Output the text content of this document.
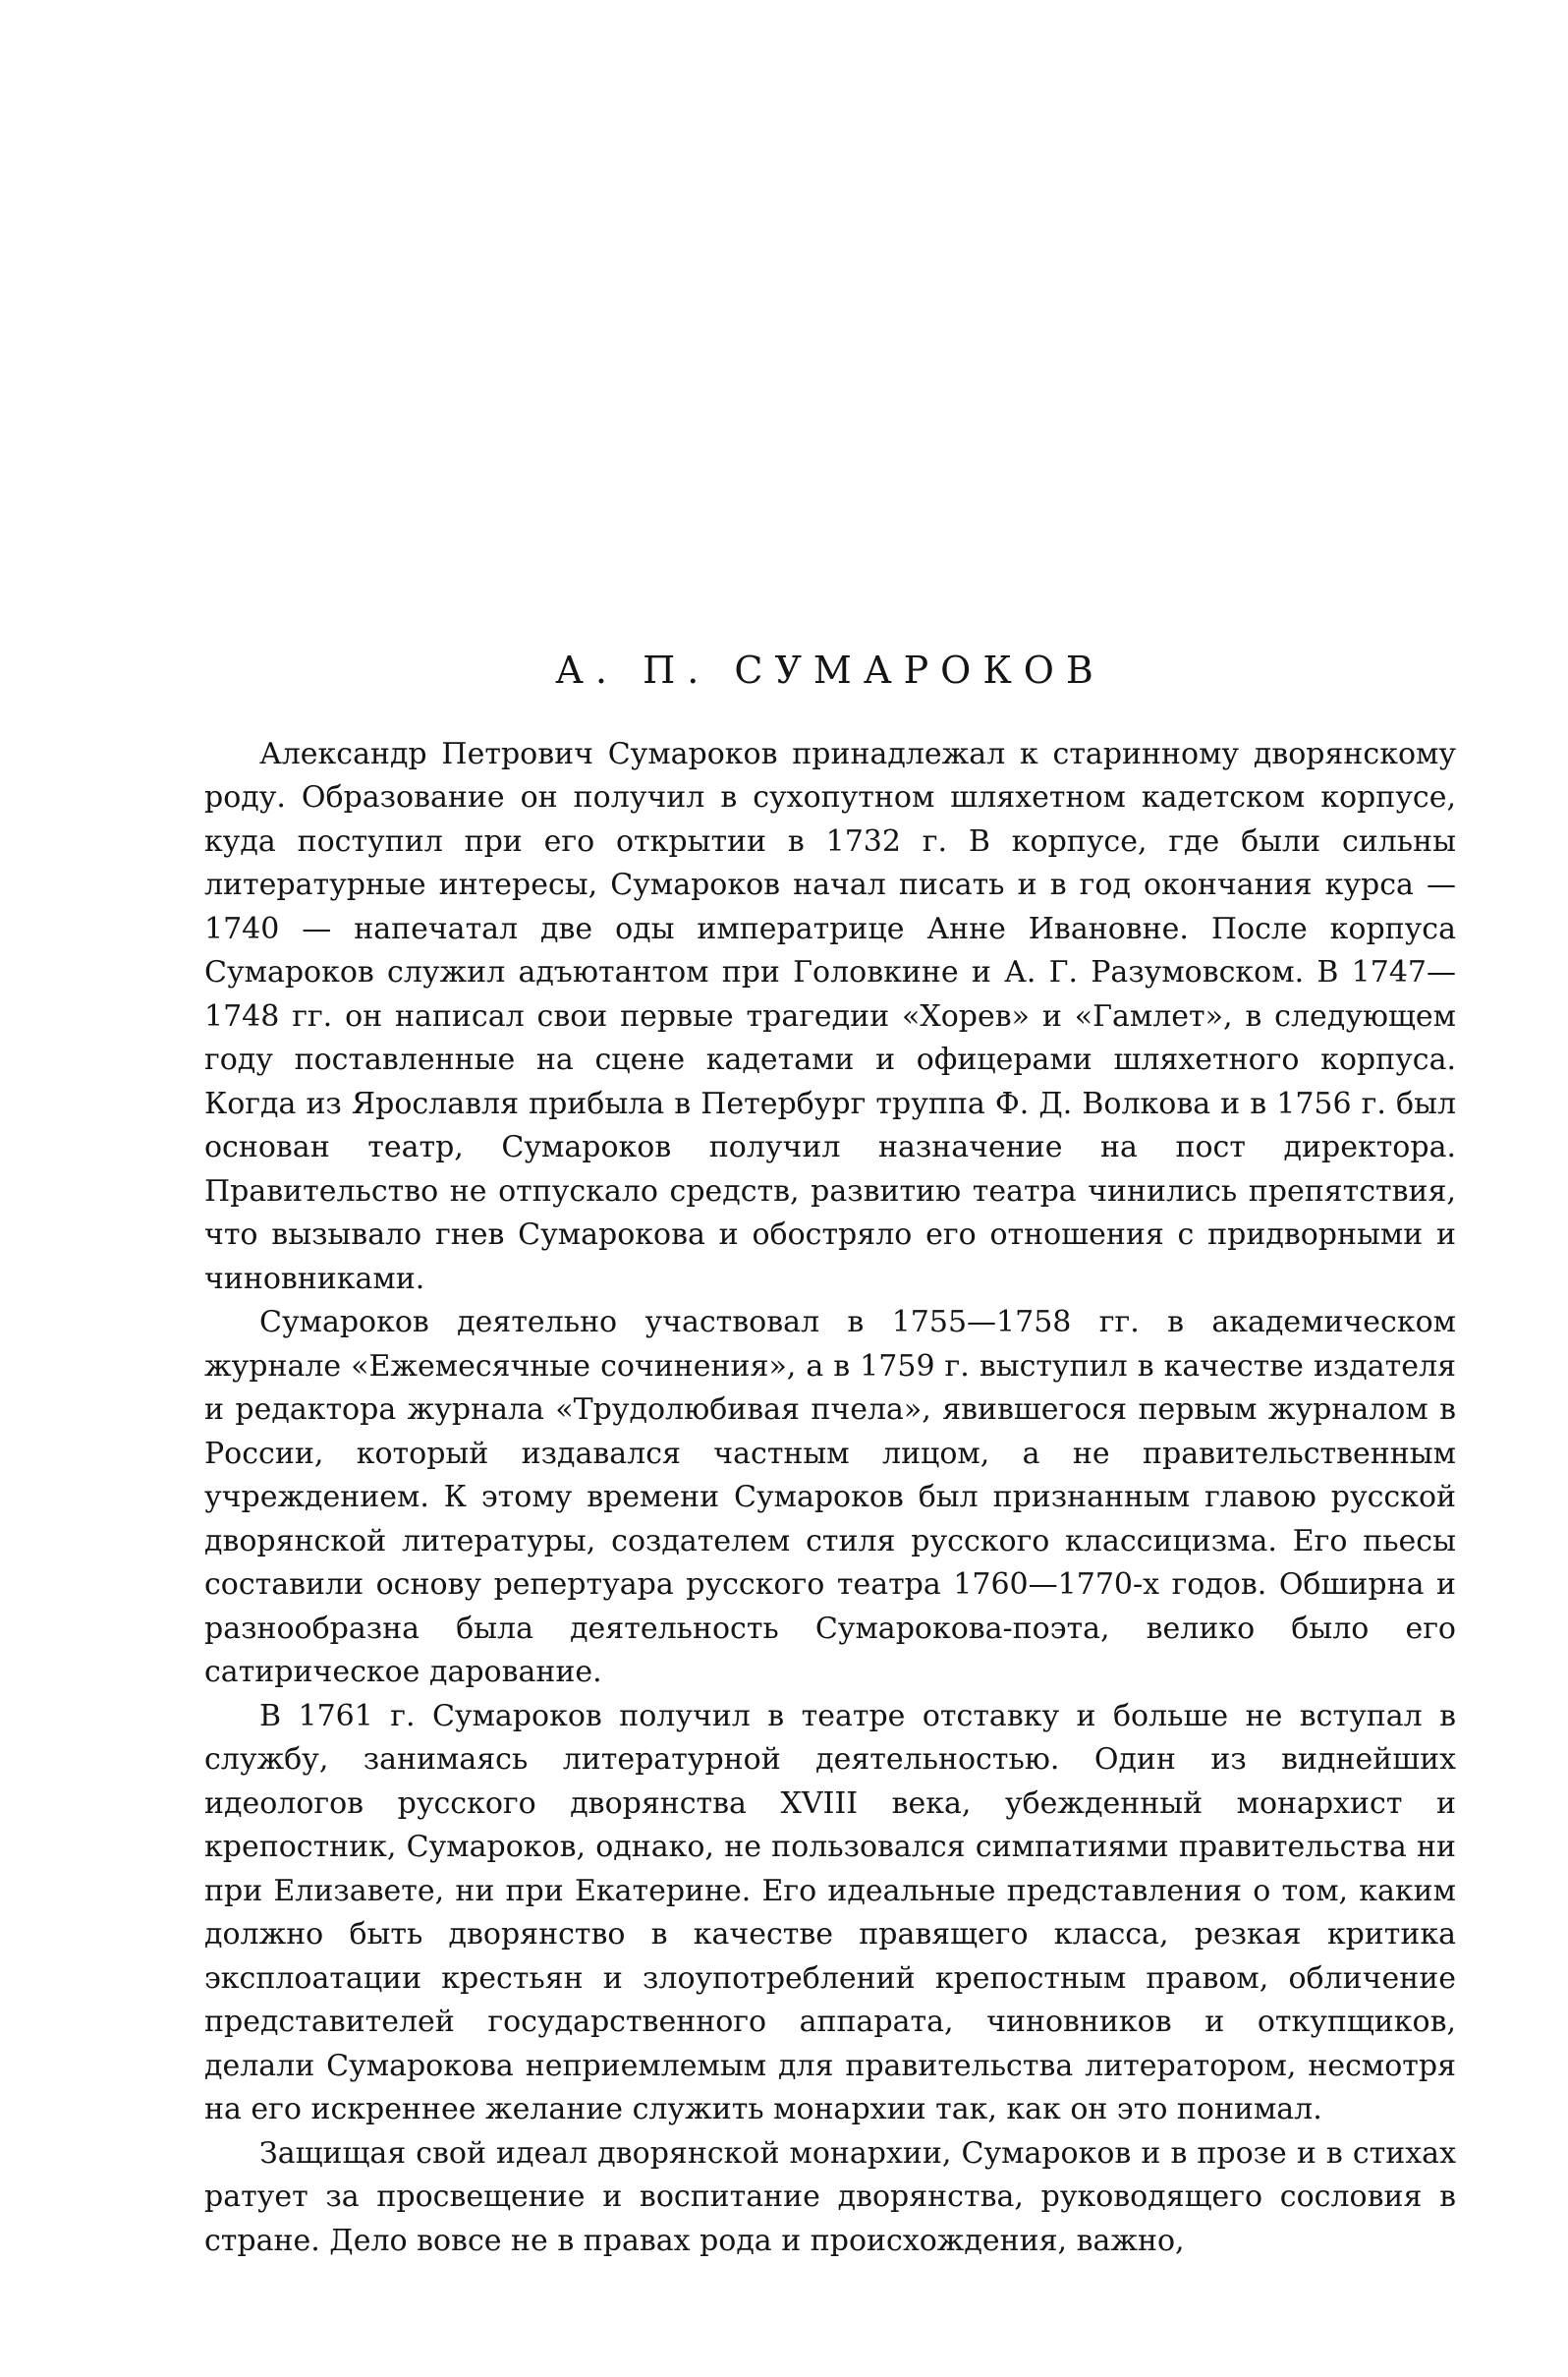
А. П. СУМАРОКОВ

Александр Петрович Сумароков принадлежал к старинному дворянскому роду. Образование он получил в сухопутном шляхетном кадетском корпусе, куда поступил при его открытии в 1732 г. В корпусе, где были сильны литературные интересы, Сумароков начал писать и в год окончания курса — 1740 — напечатал две оды императрице Анне Ивановне. После корпуса Сумароков служил адъютантом при Головкине и А. Г. Разумовском. В 1747—1748 гг. он написал свои первые трагедии «Хорев» и «Гамлет», в следующем году поставленные на сцене кадетами и офицерами шляхетного корпуса. Когда из Ярославля прибыла в Петербург труппа Ф. Д. Волкова и в 1756 г. был основан театр, Сумароков получил назначение на пост директора. Правительство не отпускало средств, развитию театра чинились препятствия, что вызывало гнев Сумарокова и обостряло его отношения с придворными и чиновниками.

Сумароков деятельно участвовал в 1755—1758 гг. в академическом журнале «Ежемесячные сочинения», а в 1759 г. выступил в качестве издателя и редактора журнала «Трудолюбивая пчела», явившегося первым журналом в России, который издавался частным лицом, а не правительственным учреждением. К этому времени Сумароков был признанным главою русской дворянской литературы, создателем стиля русского классицизма. Его пьесы составили основу репертуара русского театра 1760—1770-х годов. Обширна и разнообразна была деятельность Сумарокова-поэта, велико было его сатирическое дарование.

В 1761 г. Сумароков получил в театре отставку и больше не вступал в службу, занимаясь литературной деятельностью. Один из виднейших идеологов русского дворянства XVIII века, убежденный монархист и крепостник, Сумароков, однако, не пользовался симпатиями правительства ни при Елизавете, ни при Екатерине. Его идеальные представления о том, каким должно быть дворянство в качестве правящего класса, резкая критика эксплоатации крестьян и злоупотреблений крепостным правом, обличение представителей государственного аппарата, чиновников и откупщиков, делали Сумарокова неприемлемым для правительства литератором, несмотря на его искреннее желание служить монархии так, как он это понимал.

Защищая свой идеал дворянской монархии, Сумароков и в прозе и в стихах ратует за просвещение и воспитание дворянства, руководящего сословия в стране. Дело вовсе не в правах рода и происхождения, важно,
